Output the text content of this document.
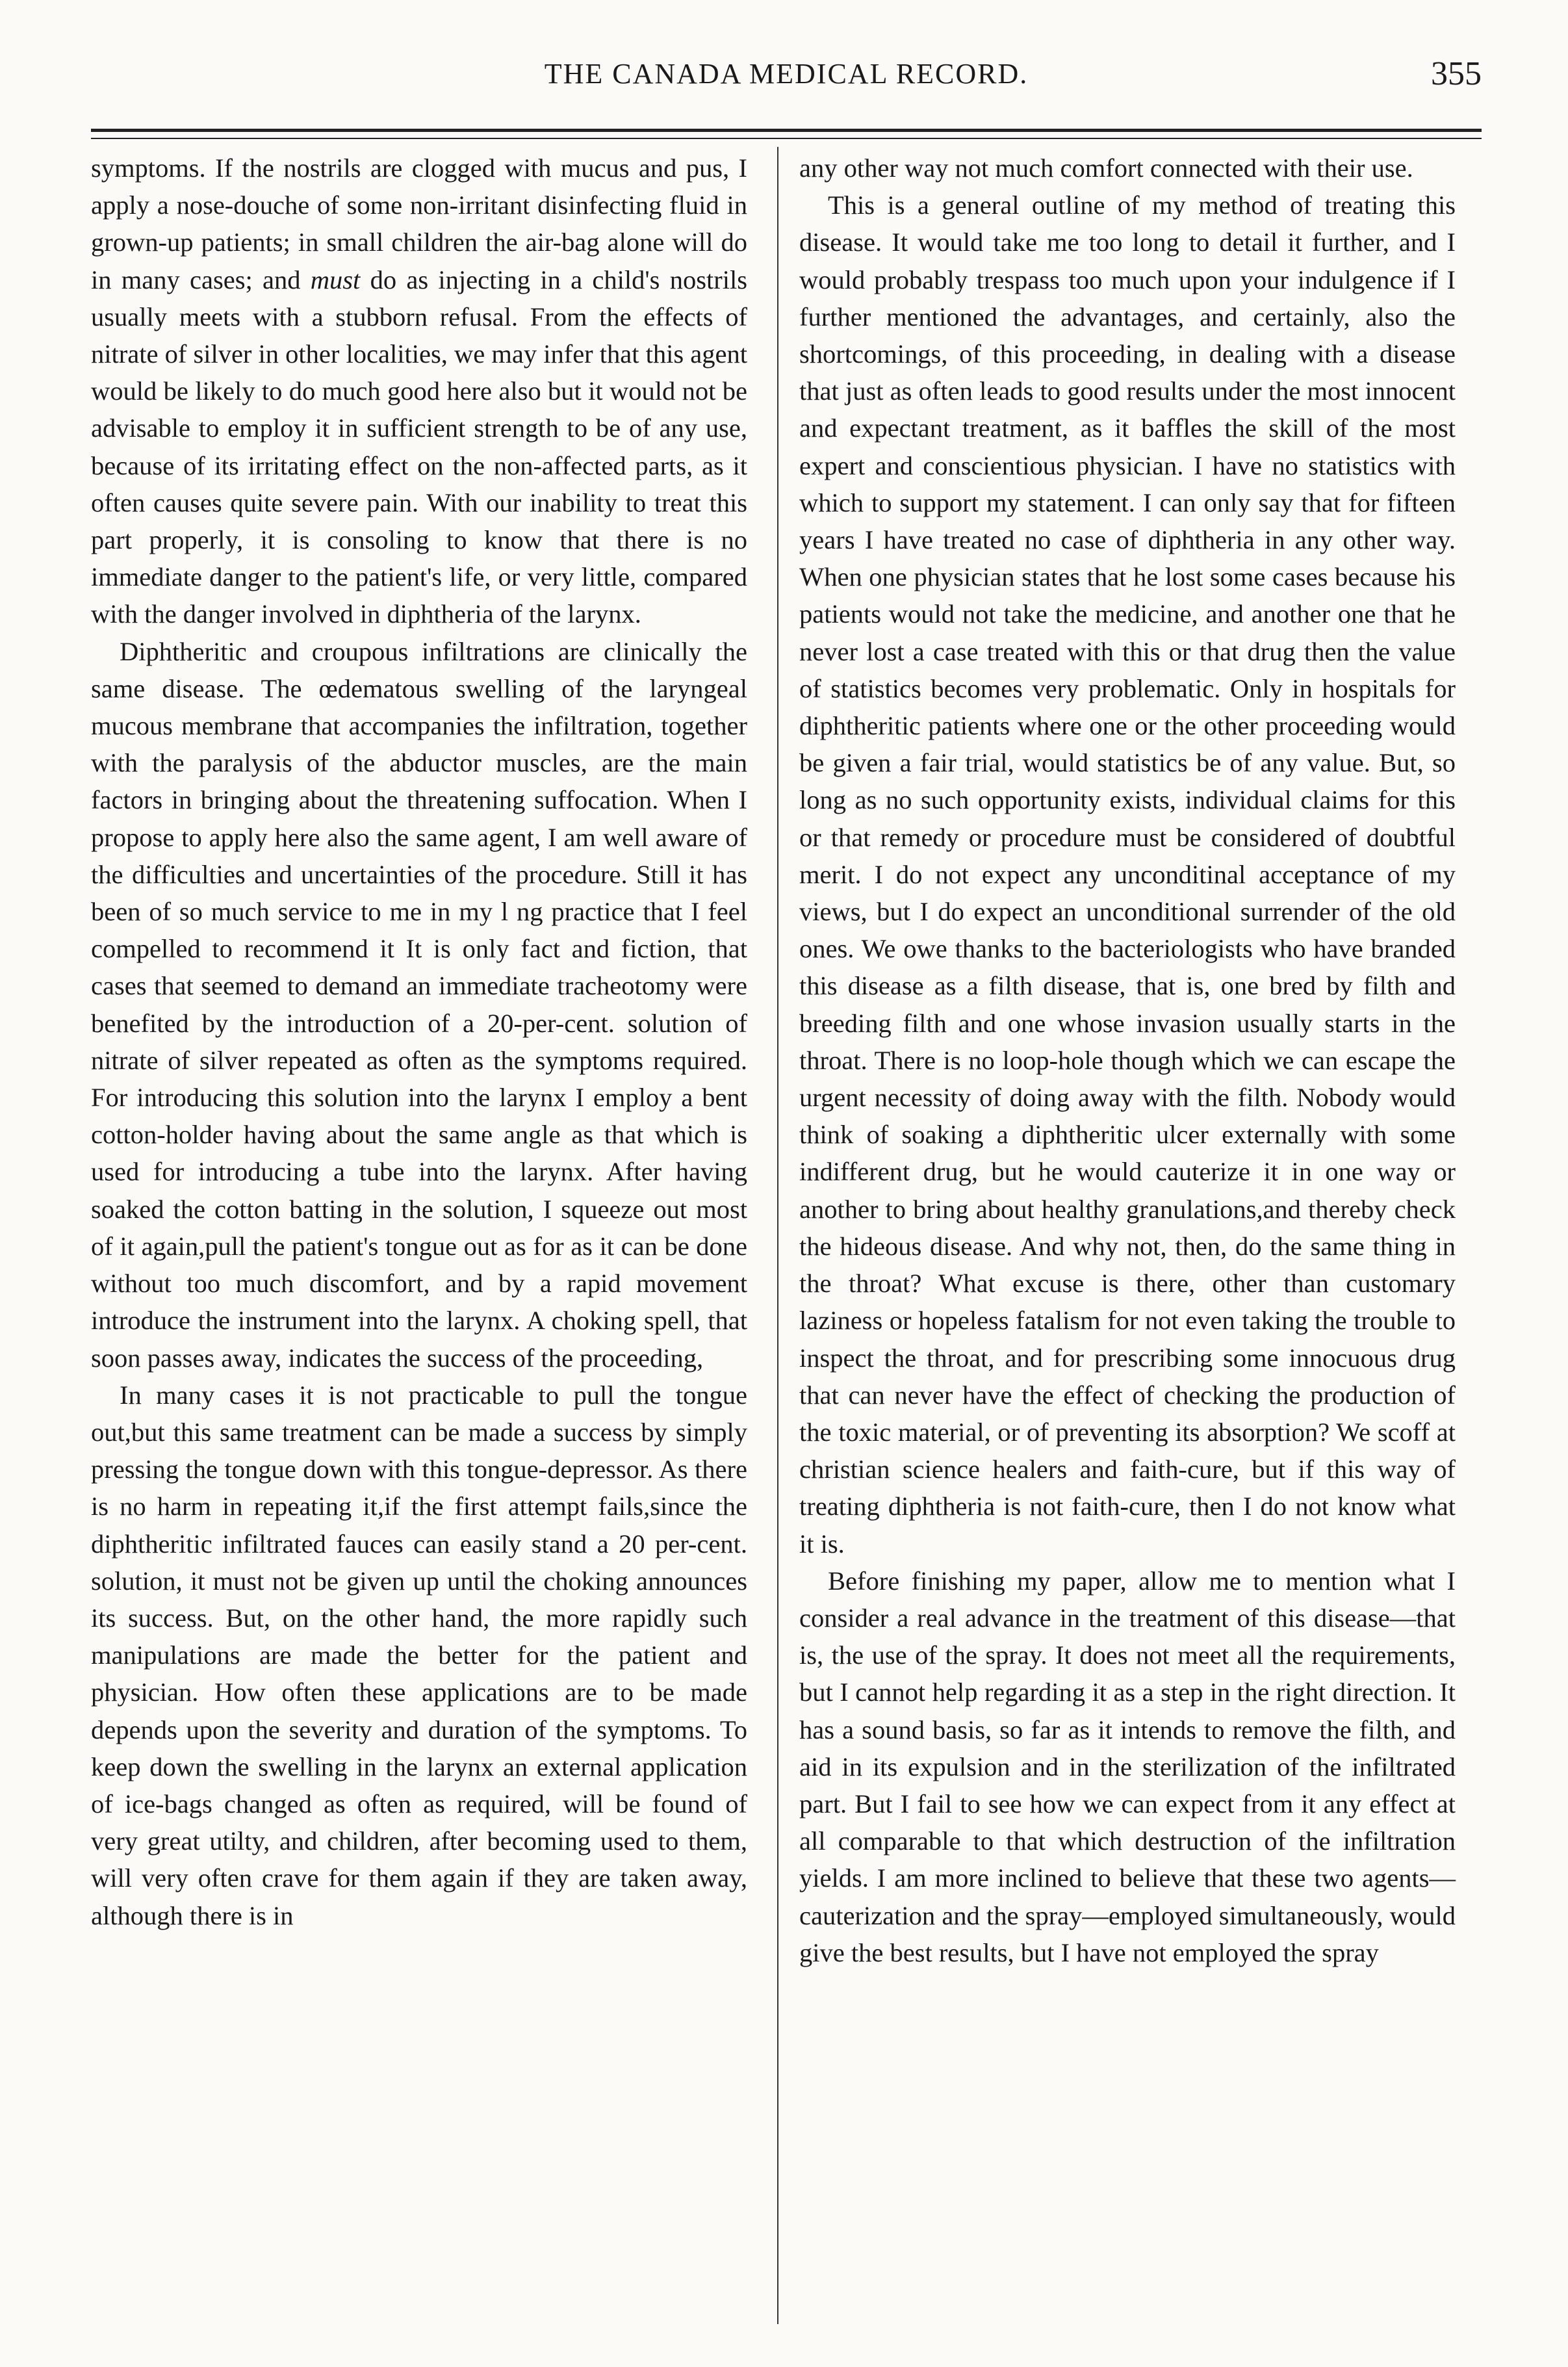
THE CANADA MEDICAL RECORD.	355

symptoms. If the nostrils are clogged with mucus and pus, I apply a nose-douche of some non-irritant disinfecting fluid in grown-up patients; in small children the air-bag alone will do in many cases; and must do as injecting in a child's nostrils usually meets with a stubborn refusal. From the effects of nitrate of silver in other localities, we may infer that this agent would be likely to do much good here also but it would not be advisable to employ it in sufficient strength to be of any use, because of its irritating effect on the non-affected parts, as it often causes quite severe pain. With our inability to treat this part properly, it is consoling to know that there is no immediate danger to the patient's life, or very little, compared with the danger involved in diphtheria of the larynx.

Diphtheritic and croupous infiltrations are clinically the same disease. The œdematous swelling of the laryngeal mucous membrane that accompanies the infiltration, together with the paralysis of the abductor muscles, are the main factors in bringing about the threatening suffocation. When I propose to apply here also the same agent, I am well aware of the difficulties and uncertainties of the procedure. Still it has been of so much service to me in my l ng practice that I feel compelled to recommend it It is only fact and fiction, that cases that seemed to demand an immediate tracheotomy were benefited by the introduction of a 20-per-cent. solution of nitrate of silver repeated as often as the symptoms required. For introducing this solution into the larynx I employ a bent cotton-holder having about the same angle as that which is used for introducing a tube into the larynx. After having soaked the cotton batting in the solution, I squeeze out most of it again,pull the patient's tongue out as for as it can be done without too much discomfort, and by a rapid movement introduce the instrument into the larynx. A choking spell, that soon passes away, indicates the success of the proceeding,

In many cases it is not practicable to pull the tongue out,but this same treatment can be made a success by simply pressing the tongue down with this tongue-depressor. As there is no harm in repeating it,if the first attempt fails,since the diphtheritic infiltrated fauces can easily stand a 20 per-cent. solution, it must not be given up until the choking announces its success. But, on the other hand, the more rapidly such manipulations are made the better for the patient and physician. How often these applications are to be made depends upon the severity and duration of the symptoms. To keep down the swelling in the larynx an external application of ice-bags changed as often as required, will be found of very great utilty, and children, after becoming used to them, will very often crave for them again if they are taken away, although there is in

any other way not much comfort connected with their use.

This is a general outline of my method of treating this disease. It would take me too long to detail it further, and I would probably trespass too much upon your indulgence if I further mentioned the advantages, and certainly, also the shortcomings, of this proceeding, in dealing with a disease that just as often leads to good results under the most innocent and expectant treatment, as it baffles the skill of the most expert and conscientious physician. I have no statistics with which to support my statement. I can only say that for fifteen years I have treated no case of diphtheria in any other way. When one physician states that he lost some cases because his patients would not take the medicine, and another one that he never lost a case treated with this or that drug then the value of statistics becomes very problematic. Only in hospitals for diphtheritic patients where one or the other proceeding would be given a fair trial, would statistics be of any value. But, so long as no such opportunity exists, individual claims for this or that remedy or procedure must be considered of doubtful merit. I do not expect any unconditinal acceptance of my views, but I do expect an unconditional surrender of the old ones. We owe thanks to the bacteriologists who have branded this disease as a filth disease, that is, one bred by filth and breeding filth and one whose invasion usually starts in the throat. There is no loop-hole though which we can escape the urgent necessity of doing away with the filth. Nobody would think of soaking a diphtheritic ulcer externally with some indifferent drug, but he would cauterize it in one way or another to bring about healthy granulations,and thereby check the hideous disease. And why not, then, do the same thing in the throat? What excuse is there, other than customary laziness or hopeless fatalism for not even taking the trouble to inspect the throat, and for prescribing some innocuous drug that can never have the effect of checking the production of the toxic material, or of preventing its absorption? We scoff at christian science healers and faith-cure, but if this way of treating diphtheria is not faith-cure, then I do not know what it is.

Before finishing my paper, allow me to mention what I consider a real advance in the treatment of this disease—that is, the use of the spray. It does not meet all the requirements, but I cannot help regarding it as a step in the right direction. It has a sound basis, so far as it intends to remove the filth, and aid in its expulsion and in the sterilization of the infiltrated part. But I fail to see how we can expect from it any effect at all comparable to that which destruction of the infiltration yields. I am more inclined to believe that these two agents—cauterization and the spray—employed simultaneously, would give the best results, but I have not employed the spray
